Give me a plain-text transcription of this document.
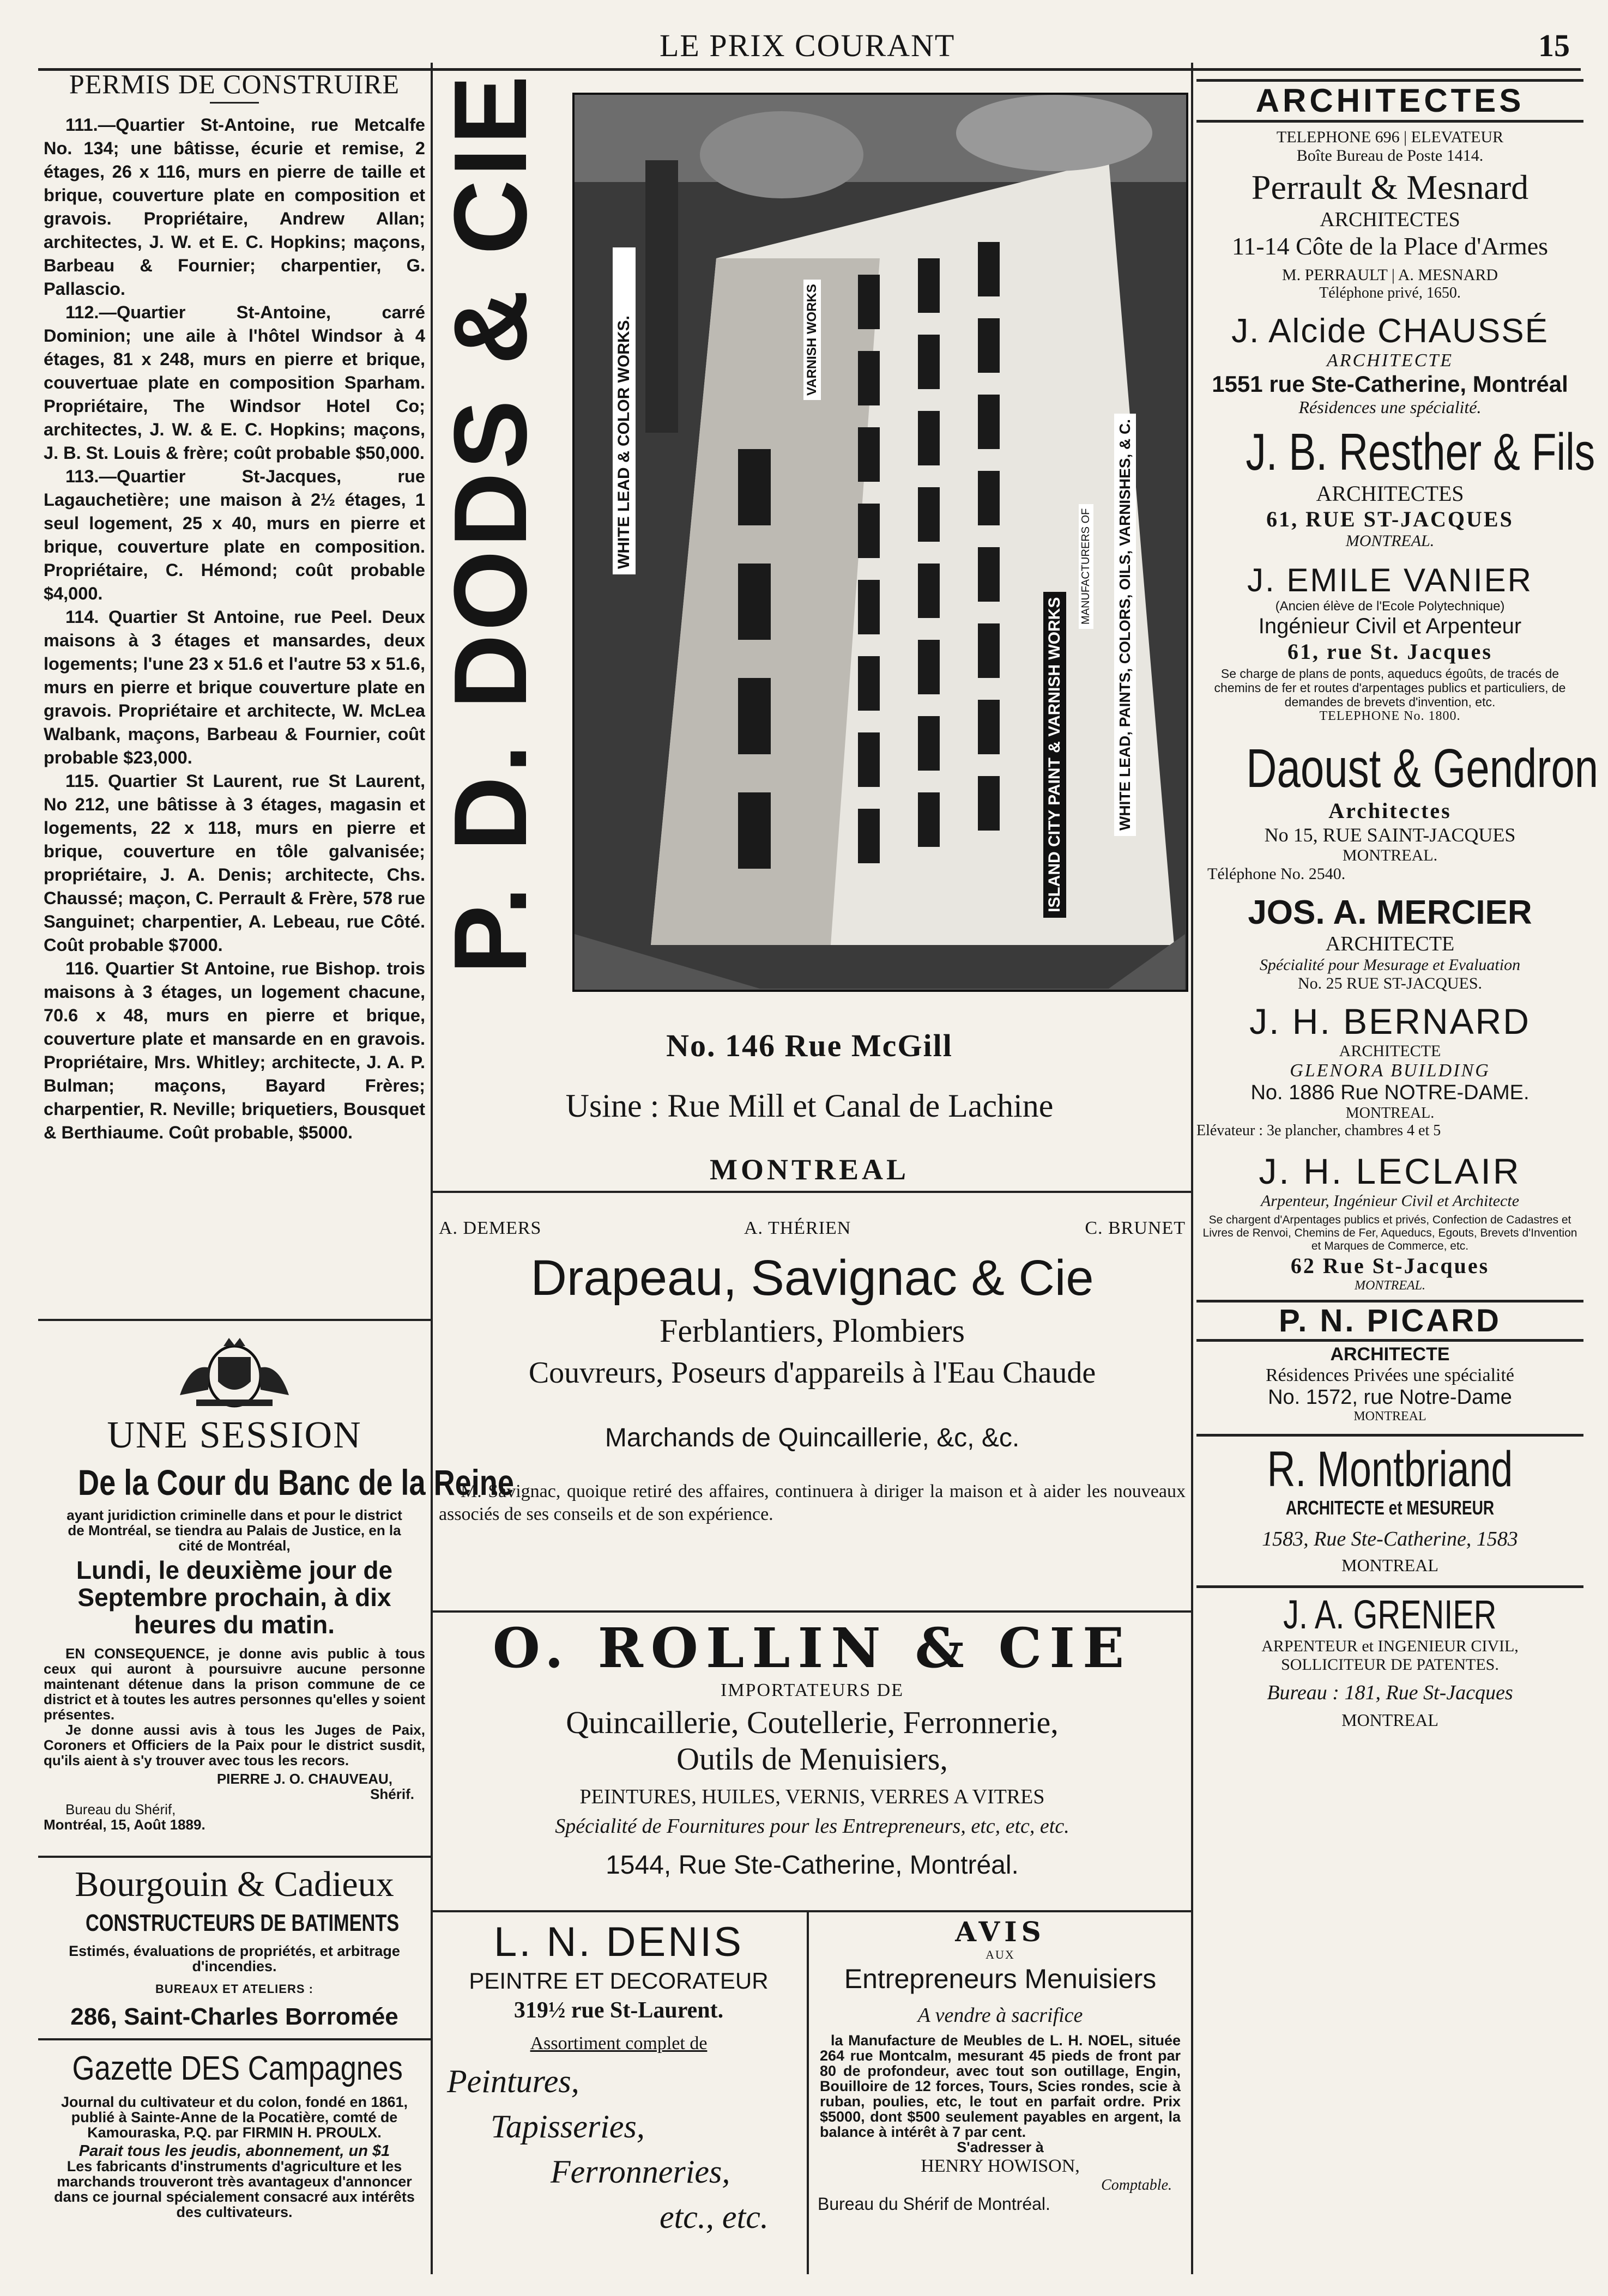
LE PRIX COURANT	15
PERMIS DE CONSTRUIRE
111.—Quartier St-Antoine, rue Metcalfe No. 134; une bâtisse, écurie et remise, 2 étages, 26 x 116, murs en pierre de taille et brique, couverture plate en composition et gravois. Propriétaire, Andrew Allan; architectes, J. W. et E. C. Hopkins; maçons, Barbeau & Fournier; charpentier, G. Pallascio.
112.—Quartier St-Antoine, carré Dominion; une aile à l'hôtel Windsor à 4 étages, 81 x 248, murs en pierre et brique, couvertuae plate en composition Sparham. Propriétaire, The Windsor Hotel Co; architectes, J. W. & E. C. Hopkins; maçons, J. B. St. Louis & frère; coût probable $50,000.
113.—Quartier St-Jacques, rue Lagauchetière; une maison à 2½ étages, 1 seul logement, 25 x 40, murs en pierre et brique, couverture plate en composition. Propriétaire, C. Hémond; coût probable $4,000.
114. Quartier St Antoine, rue Peel. Deux maisons à 3 étages et mansardes, deux logements; l'une 23 x 51.6 et l'autre 53 x 51.6, murs en pierre et brique couverture plate en gravois. Propriétaire et architecte, W. McLea Walbank, maçons, Barbeau & Fournier, coût probable $23,000.
115. Quartier St Laurent, rue St Laurent, No 212, une bâtisse à 3 étages, magasin et logements, 22 x 118, murs en pierre et brique, couverture en tôle galvanisée; propriétaire, J. A. Denis; architecte, Chs. Chaussé; maçon, C. Perrault & Frère, 578 rue Sanguinet; charpentier, A. Lebeau, rue Côté. Coût probable $7000.
116. Quartier St Antoine, rue Bishop. trois maisons à 3 étages, un logement chacune, 70.6 x 48, murs en pierre et brique, couverture plate et mansarde en en gravois. Propriétaire, Mrs. Whitley; architecte, J. A. P. Bulman; maçons, Bayard Frères; charpentier, R. Neville; briquetiers, Bousquet & Berthiaume. Coût probable, $5000.
UNE SESSION
De la Cour du Banc de la Reine
ayant juridiction criminelle dans et pour le district de Montréal, se tiendra au Palais de Justice, en la cité de Montréal,
Lundi, le deuxième jour de Septembre prochain, à dix heures du matin.
EN CONSEQUENCE, je donne avis public à tous ceux qui auront à poursuivre aucune personne maintenant détenue dans la prison commune de ce district et à toutes les autres personnes qu'elles y soient présentes.
Je donne aussi avis à tous les Juges de Paix, Coroners et Officiers de la Paix pour le district susdit, qu'ils aient à s'y trouver avec tous les recors.
PIERRE J. O. CHAUVEAU,
Shérif.
Bureau du Shérif,
Montréal, 15, Août 1889.
Bourgouin & Cadieux
CONSTRUCTEURS DE BATIMENTS
Estimés, évaluations de propriétés, et arbitrage d'incendies.
BUREAUX ET ATELIERS :
286, Saint-Charles Borromée
Gazette DES Campagnes
Journal du cultivateur et du colon, fondé en 1861, publié à Sainte-Anne de la Pocatière, comté de Kamouraska, P.Q. par FIRMIN H. PROULX.
Parait tous les jeudis, abonnement, un $1
Les fabricants d'instruments d'agriculture et les marchands trouveront très avantageux d'annoncer dans ce journal spécialement consacré aux intérêts des cultivateurs.
P. D. DODS & CIE	WHITE LEAD & COLOR WORKS.
ISLAND CITY PAINT & VARNISH WORKS	WHITE LEAD, PAINTS, COLORS, OILS, VARNISHES, & C.
MANUFACTURERS OF
VARNISH WORKS
No. 146 Rue McGill
Usine : Rue Mill et Canal de Lachine
MONTREAL
A. DEMERS	A. THÉRIEN	C. BRUNET
Drapeau, Savignac & Cie
Ferblantiers, Plombiers
Couvreurs, Poseurs d'appareils à l'Eau Chaude
Marchands de Quincaillerie, &c, &c.
M. Savignac, quoique retiré des affaires, continuera à diriger la maison et à aider les nouveaux associés de ses conseils et de son expérience.
O. ROLLIN & CIE
IMPORTATEURS DE
Quincaillerie, Coutellerie, Ferronnerie,
Outils de Menuisiers,
PEINTURES, HUILES, VERNIS, VERRES A VITRES
Spécialité de Fournitures pour les Entrepreneurs, etc, etc, etc.
1544, Rue Ste-Catherine, Montréal.
L. N. DENIS
PEINTRE ET DECORATEUR
319½ rue St-Laurent.
Assortiment complet de
Peintures,
Tapisseries,
Ferronneries,
etc., etc.
AVIS
AUX
Entrepreneurs Menuisiers
A vendre à sacrifice
la Manufacture de Meubles de L. H. NOEL, située 264 rue Montcalm, mesurant 45 pieds de front par 80 de profondeur, avec tout son outillage, Engin, Bouilloire de 12 forces, Tours, Scies rondes, scie à ruban, poulies, etc, le tout en parfait ordre. Prix $5000, dont $500 seulement payables en argent, la balance à intérêt à 7 par cent.
S'adresser à
HENRY HOWISON,
Comptable.
Bureau du Shérif de Montréal.
ARCHITECTES
TELEPHONE 696 | ELEVATEUR
Boîte Bureau de Poste 1414.
Perrault & Mesnard
ARCHITECTES
11-14 Côte de la Place d'Armes
M. PERRAULT | A. MESNARD
Téléphone privé, 1650.
J. Alcide CHAUSSÉ
ARCHITECTE
1551 rue Ste-Catherine, Montréal
Résidences une spécialité.
J. B. Resther & Fils
ARCHITECTES
61, RUE ST-JACQUES
MONTREAL.
J. EMILE VANIER
(Ancien élève de l'Ecole Polytechnique)
Ingénieur Civil et Arpenteur
61, rue St. Jacques
Se charge de plans de ponts, aqueducs égoûts, de tracés de chemins de fer et routes d'arpentages publics et particuliers, de demandes de brevets d'invention, etc.
TELEPHONE No. 1800.
Daoust & Gendron
Architectes
No 15, RUE SAINT-JACQUES
MONTREAL.
Téléphone No. 2540.
JOS. A. MERCIER
ARCHITECTE
Spécialité pour Mesurage et Evaluation
No. 25 RUE ST-JACQUES.
J. H. BERNARD
ARCHITECTE
GLENORA BUILDING
No. 1886 Rue NOTRE-DAME.
MONTREAL.
Elévateur : 3e plancher, chambres 4 et 5
J. H. LECLAIR
Arpenteur, Ingénieur Civil et Architecte
Se chargent d'Arpentages publics et privés, Confection de Cadastres et Livres de Renvoi, Chemins de Fer, Aqueducs, Egouts, Brevets d'Invention et Marques de Commerce, etc.
62 Rue St-Jacques
MONTREAL.
P. N. PICARD
ARCHITECTE
Résidences Privées une spécialité
No. 1572, rue Notre-Dame
MONTREAL
R. Montbriand
ARCHITECTE et MESUREUR
1583, Rue Ste-Catherine, 1583
MONTREAL
J. A. GRENIER
ARPENTEUR et INGENIEUR CIVIL,
SOLLICITEUR DE PATENTES.
Bureau : 181, Rue St-Jacques
MONTREAL
